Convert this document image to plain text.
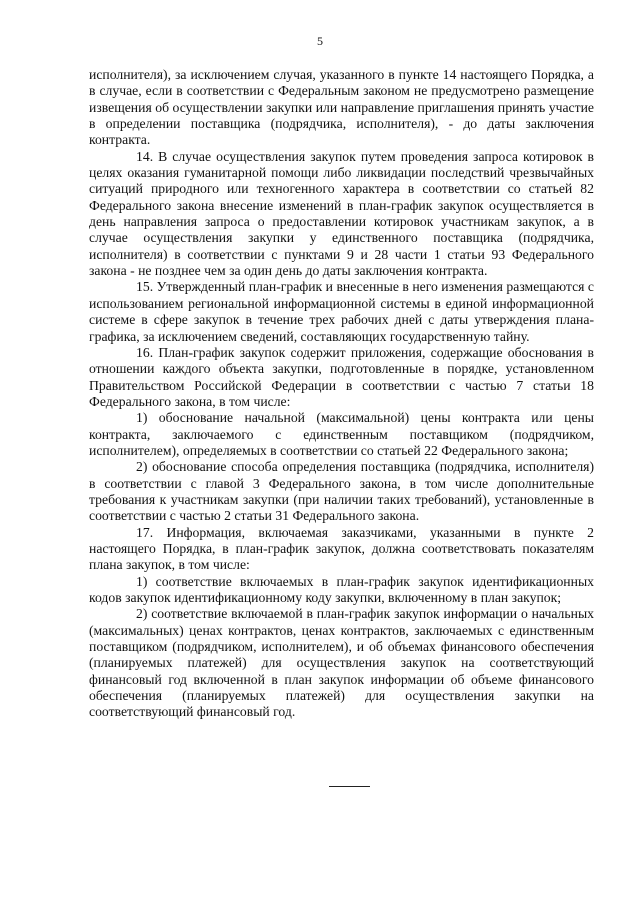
5

исполнителя), за исключением случая, указанного в пункте 14 настоящего Порядка, а в случае, если в соответствии с Федеральным законом не предусмотрено размещение извещения об осуществлении закупки или направление приглашения принять участие в определении поставщика (подрядчика, исполнителя), - до даты заключения контракта.

14. В случае осуществления закупок путем проведения запроса котировок в целях оказания гуманитарной помощи либо ликвидации последствий чрезвычайных ситуаций природного или техногенного характера в соответствии со статьей 82 Федерального закона внесение изменений в план-график закупок осуществляется в день направления запроса о предоставлении котировок участникам закупок, а в случае осуществления закупки у единственного поставщика (подрядчика, исполнителя) в соответствии с пунктами 9 и 28 части 1 статьи 93 Федерального закона - не позднее чем за один день до даты заключения контракта.

15. Утвержденный план-график и внесенные в него изменения размещаются с использованием региональной информационной системы в единой информационной системе в сфере закупок в течение трех рабочих дней с даты утверждения плана-графика, за исключением сведений, составляющих государственную тайну.

16. План-график закупок содержит приложения, содержащие обоснования в отношении каждого объекта закупки, подготовленные в порядке, установленном Правительством Российской Федерации в соответствии с частью 7 статьи 18 Федерального закона, в том числе:

1) обоснование начальной (максимальной) цены контракта или цены контракта, заключаемого с единственным поставщиком (подрядчиком, исполнителем), определяемых в соответствии со статьей 22 Федерального закона;

2) обоснование способа определения поставщика (подрядчика, исполнителя) в соответствии с главой 3 Федерального закона, в том числе дополнительные требования к участникам закупки (при наличии таких требований), установленные в соответствии с частью 2 статьи 31 Федерального закона.

17. Информация, включаемая заказчиками, указанными в пункте 2 настоящего Порядка, в план-график закупок, должна соответствовать показателям плана закупок, в том числе:

1) соответствие включаемых в план-график закупок идентификационных кодов закупок идентификационному коду закупки, включенному в план закупок;

2) соответствие включаемой в план-график закупок информации о начальных (максимальных) ценах контрактов, ценах контрактов, заключаемых с единственным поставщиком (подрядчиком, исполнителем), и об объемах финансового обеспечения (планируемых платежей) для осуществления закупок на соответствующий финансовый год включенной в план закупок информации об объеме финансового обеспечения (планируемых платежей) для осуществления закупки на соответствующий финансовый год.
